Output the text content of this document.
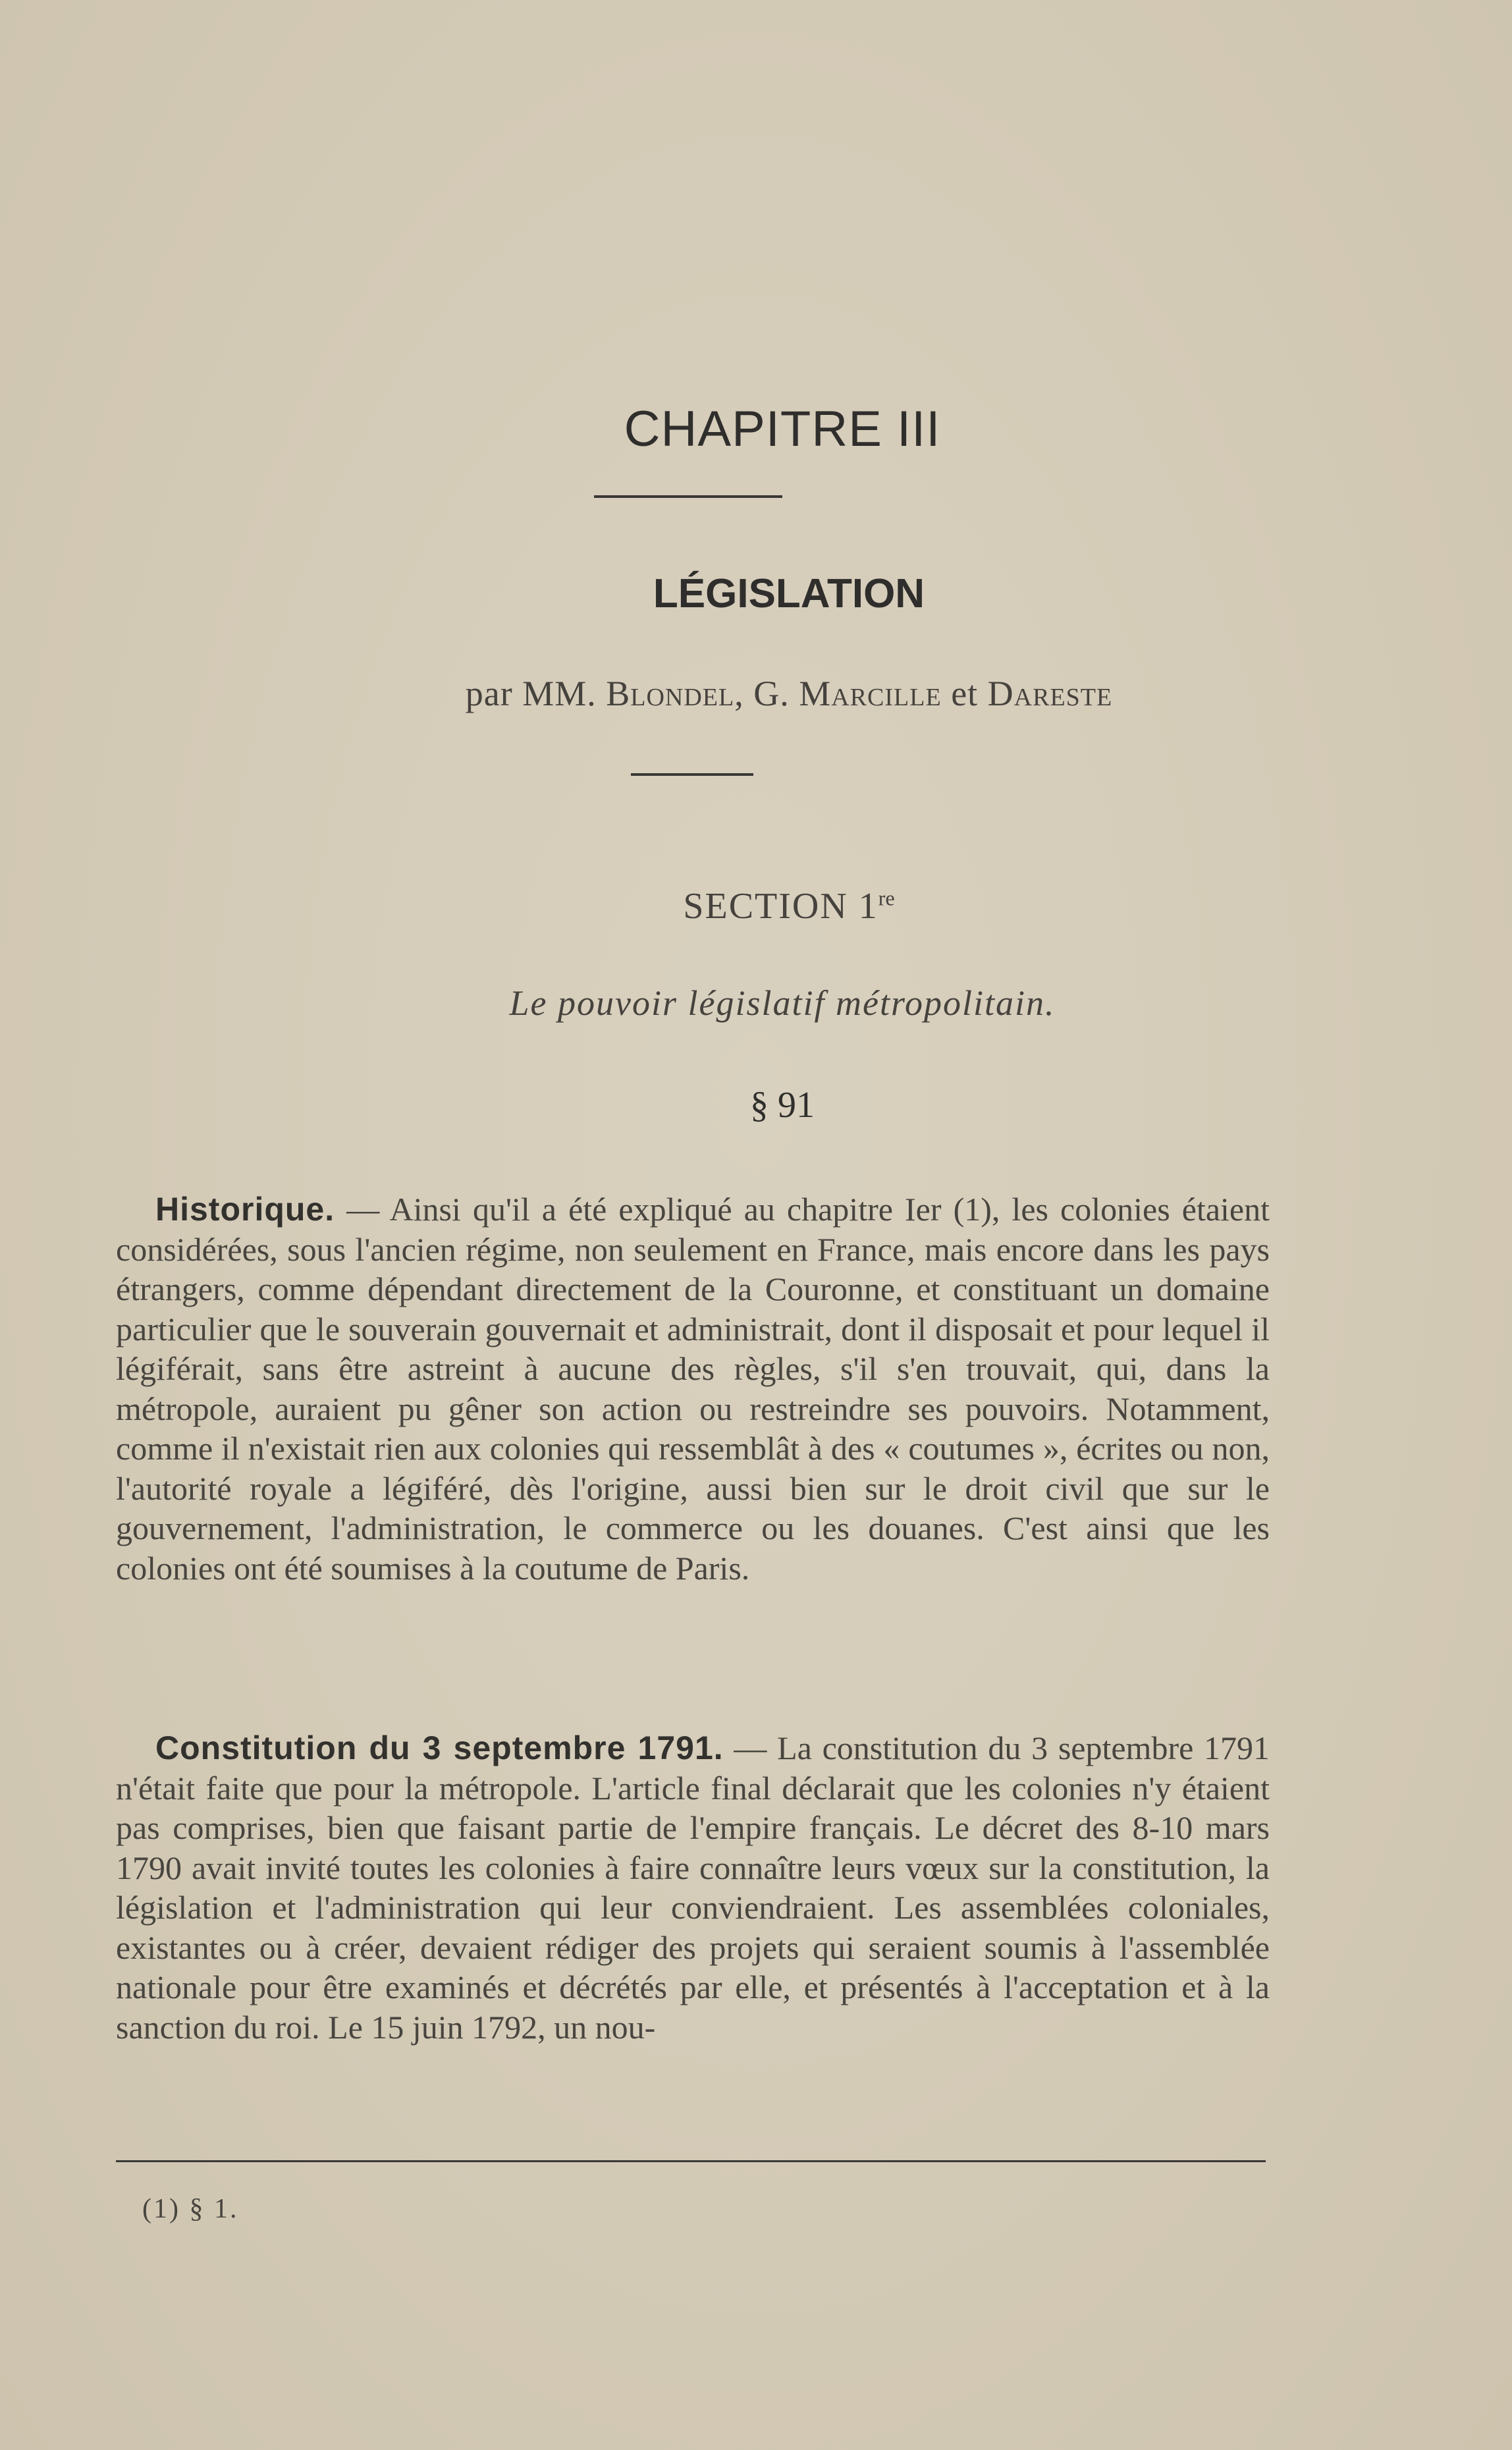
CHAPITRE III
LÉGISLATION
par MM. Blondel, G. Marcille et Dareste
SECTION 1re
Le pouvoir législatif métropolitain.
§ 91
Historique. — Ainsi qu'il a été expliqué au chapitre Ier (1), les colonies étaient considérées, sous l'ancien régime, non seulement en France, mais encore dans les pays étrangers, comme dépendant directement de la Couronne, et constituant un domaine particulier que le souverain gouvernait et administrait, dont il disposait et pour lequel il légiférait, sans être astreint à aucune des règles, s'il s'en trouvait, qui, dans la métropole, auraient pu gêner son action ou restreindre ses pouvoirs. Notamment, comme il n'existait rien aux colonies qui ressemblât à des « coutumes », écrites ou non, l'autorité royale a légiféré, dès l'origine, aussi bien sur le droit civil que sur le gouvernement, l'administration, le commerce ou les douanes. C'est ainsi que les colonies ont été soumises à la coutume de Paris.
Constitution du 3 septembre 1791. — La constitution du 3 septembre 1791 n'était faite que pour la métropole. L'article final déclarait que les colonies n'y étaient pas comprises, bien que faisant partie de l'empire français. Le décret des 8-10 mars 1790 avait invité toutes les colonies à faire connaître leurs vœux sur la constitution, la législation et l'administration qui leur conviendraient. Les assemblées coloniales, existantes ou à créer, devaient rédiger des projets qui seraient soumis à l'assemblée nationale pour être examinés et décrétés par elle, et présentés à l'acceptation et à la sanction du roi. Le 15 juin 1792, un nou-
(1) § 1.
